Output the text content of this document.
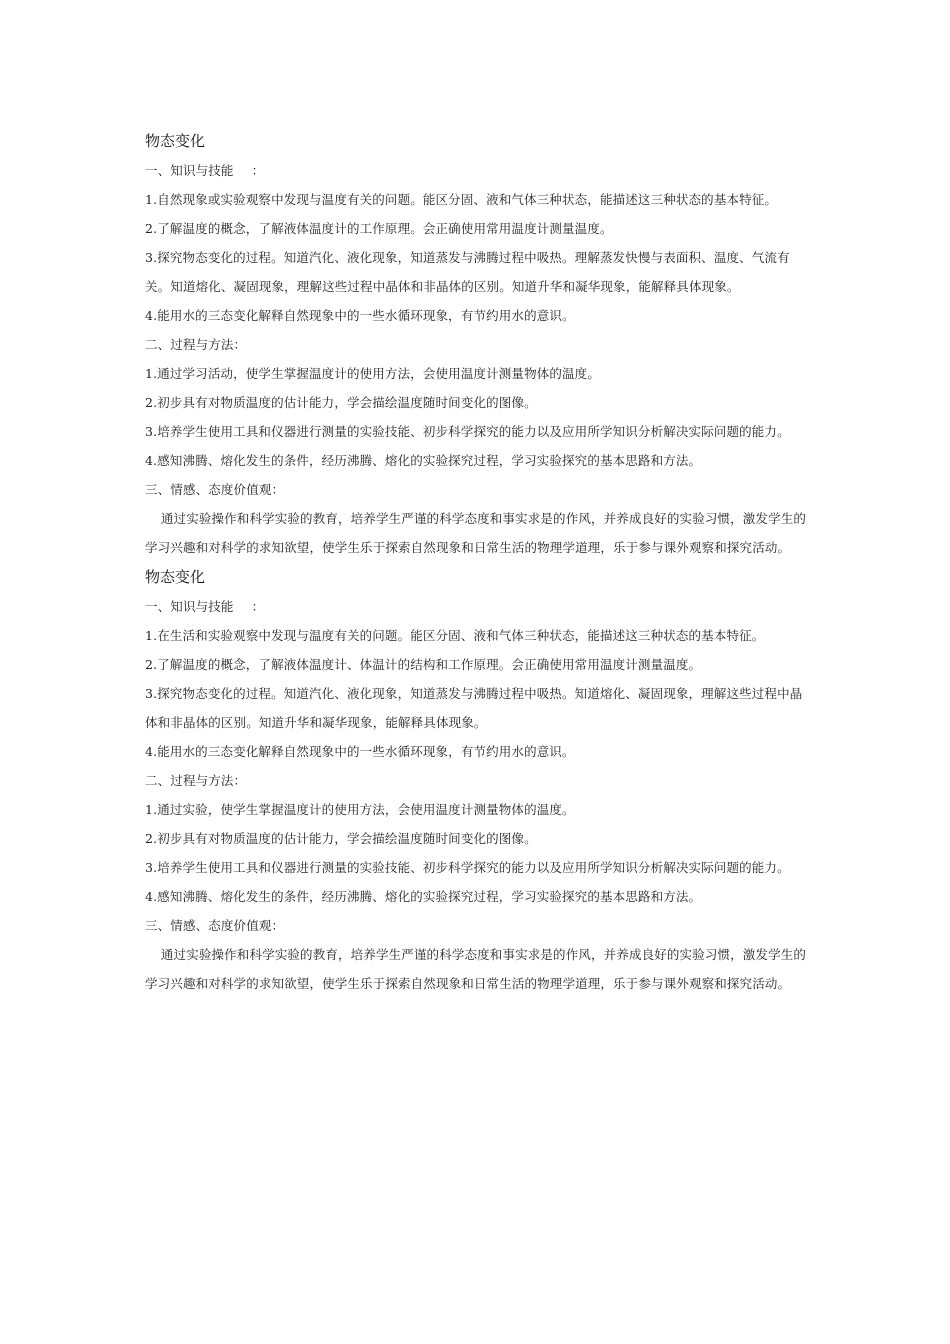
物态变化

一、知识与技能 ：

1.自然现象或实验观察中发现与温度有关的问题。能区分固、液和气体三种状态，能描述这三种状态的基本特征。

2.了解温度的概念，了解液体温度计的工作原理。会正确使用常用温度计测量温度。

3.探究物态变化的过程。知道汽化、液化现象，知道蒸发与沸腾过程中吸热。理解蒸发快慢与表面积、温度、气流有关。知道熔化、凝固现象，理解这些过程中晶体和非晶体的区别。知道升华和凝华现象，能解释具体现象。

4.能用水的三态变化解释自然现象中的一些水循环现象，有节约用水的意识。

二、过程与方法：

1.通过学习活动，使学生掌握温度计的使用方法，会使用温度计测量物体的温度。

2.初步具有对物质温度的估计能力，学会描绘温度随时间变化的图像。

3.培养学生使用工具和仪器进行测量的实验技能、初步科学探究的能力以及应用所学知识分析解决实际问题的能力。

4.感知沸腾、熔化发生的条件，经历沸腾、熔化的实验探究过程，学习实验探究的基本思路和方法。

三、情感、态度价值观：

通过实验操作和科学实验的教育，培养学生严谨的科学态度和事实求是的作风，并养成良好的实验习惯，激发学生的学习兴趣和对科学的求知欲望，使学生乐于探索自然现象和日常生活的物理学道理，乐于参与课外观察和探究活动。

物态变化

一、知识与技能 ：

1.在生活和实验观察中发现与温度有关的问题。能区分固、液和气体三种状态，能描述这三种状态的基本特征。

2.了解温度的概念，了解液体温度计、体温计的结构和工作原理。会正确使用常用温度计测量温度。

3.探究物态变化的过程。知道汽化、液化现象，知道蒸发与沸腾过程中吸热。知道熔化、凝固现象，理解这些过程中晶体和非晶体的区别。知道升华和凝华现象，能解释具体现象。

4.能用水的三态变化解释自然现象中的一些水循环现象，有节约用水的意识。

二、过程与方法：

1.通过实验，使学生掌握温度计的使用方法，会使用温度计测量物体的温度。

2.初步具有对物质温度的估计能力，学会描绘温度随时间变化的图像。

3.培养学生使用工具和仪器进行测量的实验技能、初步科学探究的能力以及应用所学知识分析解决实际问题的能力。

4.感知沸腾、熔化发生的条件，经历沸腾、熔化的实验探究过程，学习实验探究的基本思路和方法。

三、情感、态度价值观：

通过实验操作和科学实验的教育，培养学生严谨的科学态度和事实求是的作风，并养成良好的实验习惯，激发学生的学习兴趣和对科学的求知欲望，使学生乐于探索自然现象和日常生活的物理学道理，乐于参与课外观察和探究活动。
